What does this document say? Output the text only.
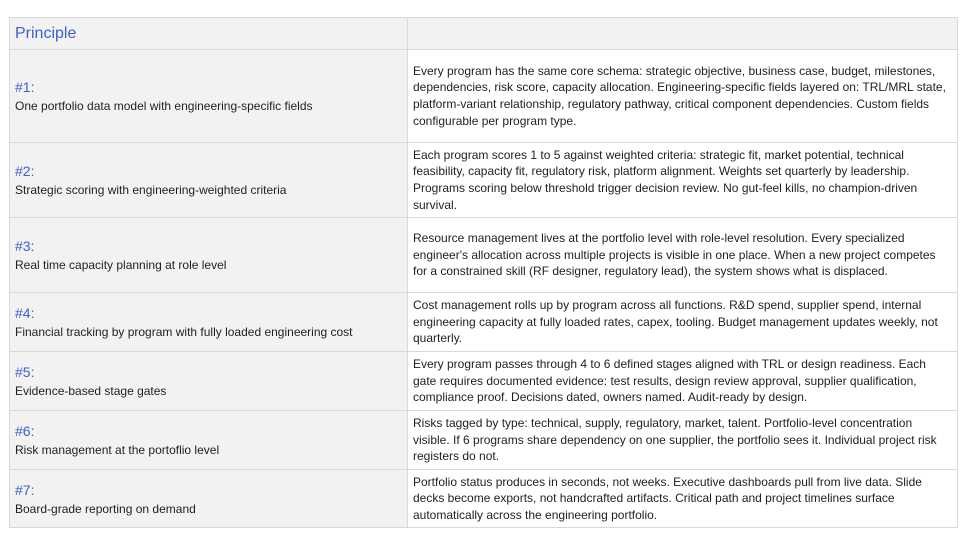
Principle	

#1:
One portfolio data model with engineering-specific fields	Every program has the same core schema: strategic objective, business case, budget, milestones, dependencies, risk score, capacity allocation. Engineering-specific fields layered on: TRL/MRL state, platform-variant relationship, regulatory pathway, critical component dependencies. Custom fields configurable per program type.

#2:
Strategic scoring with engineering-weighted criteria	Each program scores 1 to 5 against weighted criteria: strategic fit, market potential, technical feasibility, capacity fit, regulatory risk, platform alignment. Weights set quarterly by leadership. Programs scoring below threshold trigger decision review. No gut-feel kills, no champion-driven survival.

#3:
Real time capacity planning at role level	Resource management lives at the portfolio level with role-level resolution. Every specialized engineer's allocation across multiple projects is visible in one place. When a new project competes for a constrained skill (RF designer, regulatory lead), the system shows what is displaced.

#4:
Financial tracking by program with fully loaded engineering cost	Cost management rolls up by program across all functions. R&D spend, supplier spend, internal engineering capacity at fully loaded rates, capex, tooling. Budget management updates weekly, not quarterly.

#5:
Evidence-based stage gates	Every program passes through 4 to 6 defined stages aligned with TRL or design readiness. Each gate requires documented evidence: test results, design review approval, supplier qualification, compliance proof. Decisions dated, owners named. Audit-ready by design.

#6:
Risk management at the portoflio level	Risks tagged by type: technical, supply, regulatory, market, talent. Portfolio-level concentration visible. If 6 programs share dependency on one supplier, the portfolio sees it. Individual project risk registers do not.

#7:
Board-grade reporting on demand	Portfolio status produces in seconds, not weeks. Executive dashboards pull from live data. Slide decks become exports, not handcrafted artifacts. Critical path and project timelines surface automatically across the engineering portfolio.
